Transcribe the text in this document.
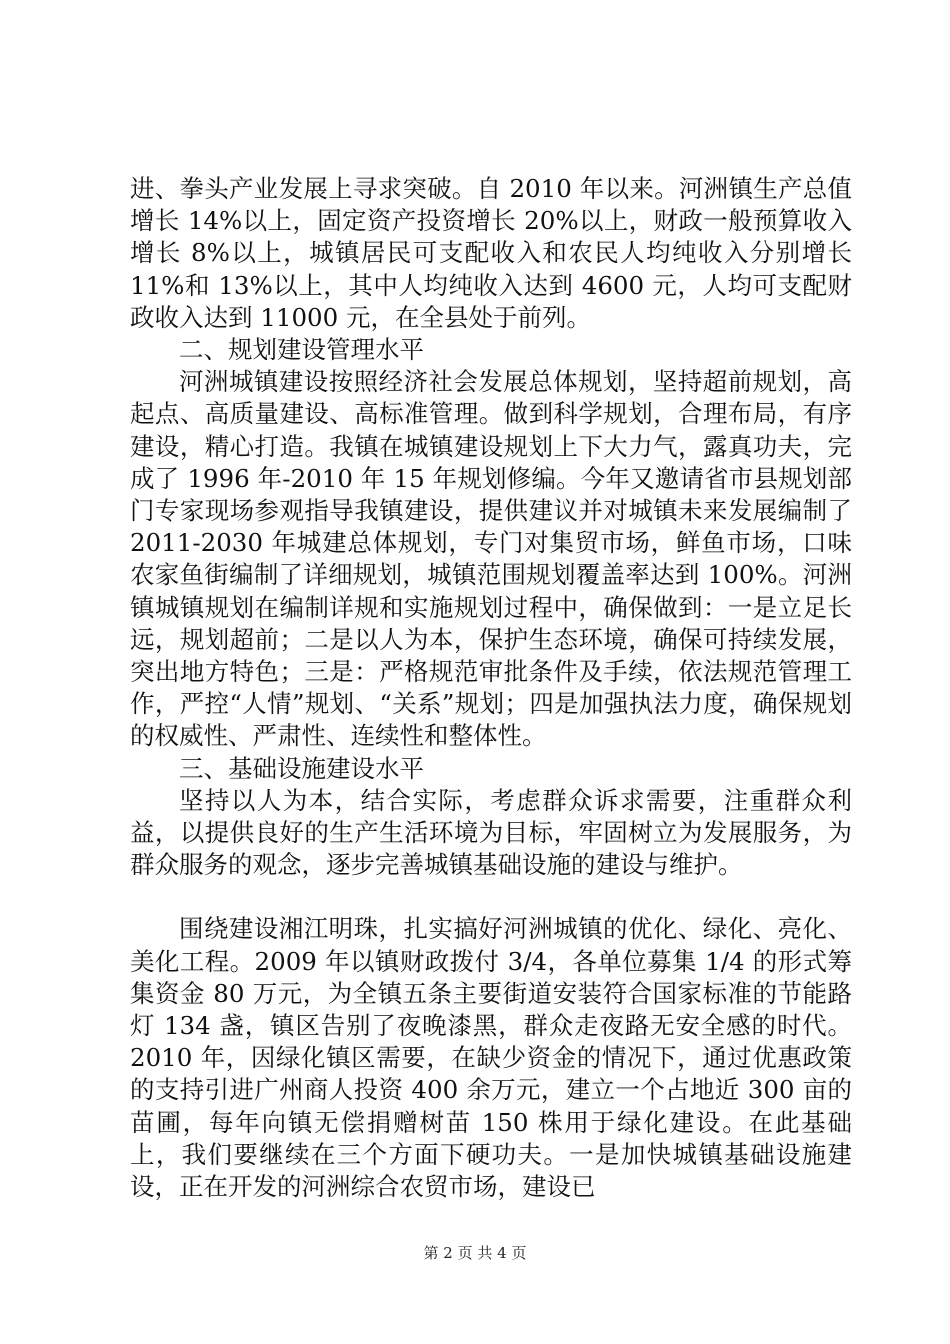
进、拳头产业发展上寻求突破。自 2010 年以来。河洲镇生产总值增长 14%以上，固定资产投资增长 20%以上，财政一般预算收入增长 8%以上，城镇居民可支配收入和农民人均纯收入分别增长 11%和 13%以上，其中人均纯收入达到 4600 元，人均可支配财政收入达到 11000 元，在全县处于前列。

二、规划建设管理水平

河洲城镇建设按照经济社会发展总体规划，坚持超前规划，高起点、高质量建设、高标准管理。做到科学规划，合理布局，有序建设，精心打造。我镇在城镇建设规划上下大力气，露真功夫，完成了 1996 年-2010 年 15 年规划修编。今年又邀请省市县规划部门专家现场参观指导我镇建设，提供建议并对城镇未来发展编制了 2011-2030 年城建总体规划，专门对集贸市场，鲜鱼市场，口味农家鱼街编制了详细规划，城镇范围规划覆盖率达到 100%。河洲镇城镇规划在编制详规和实施规划过程中，确保做到：一是立足长远，规划超前；二是以人为本，保护生态环境，确保可持续发展，突出地方特色；三是：严格规范审批条件及手续，依法规范管理工作，严控“人情”规划、“关系”规划；四是加强执法力度，确保规划的权威性、严肃性、连续性和整体性。

三、基础设施建设水平

坚持以人为本，结合实际，考虑群众诉求需要，注重群众利益，以提供良好的生产生活环境为目标，牢固树立为发展服务，为群众服务的观念，逐步完善城镇基础设施的建设与维护。

围绕建设湘江明珠，扎实搞好河洲城镇的优化、绿化、亮化、美化工程。2009 年以镇财政拨付 3/4，各单位募集 1/4 的形式筹集资金 80 万元，为全镇五条主要街道安装符合国家标准的节能路灯 134 盏，镇区告别了夜晚漆黑，群众走夜路无安全感的时代。2010 年，因绿化镇区需要，在缺少资金的情况下，通过优惠政策的支持引进广州商人投资 400 余万元，建立一个占地近 300 亩的苗圃，每年向镇无偿捐赠树苗 150 株用于绿化建设。在此基础上，我们要继续在三个方面下硬功夫。一是加快城镇基础设施建设，正在开发的河洲综合农贸市场，建设已

第 2 页 共 4 页
